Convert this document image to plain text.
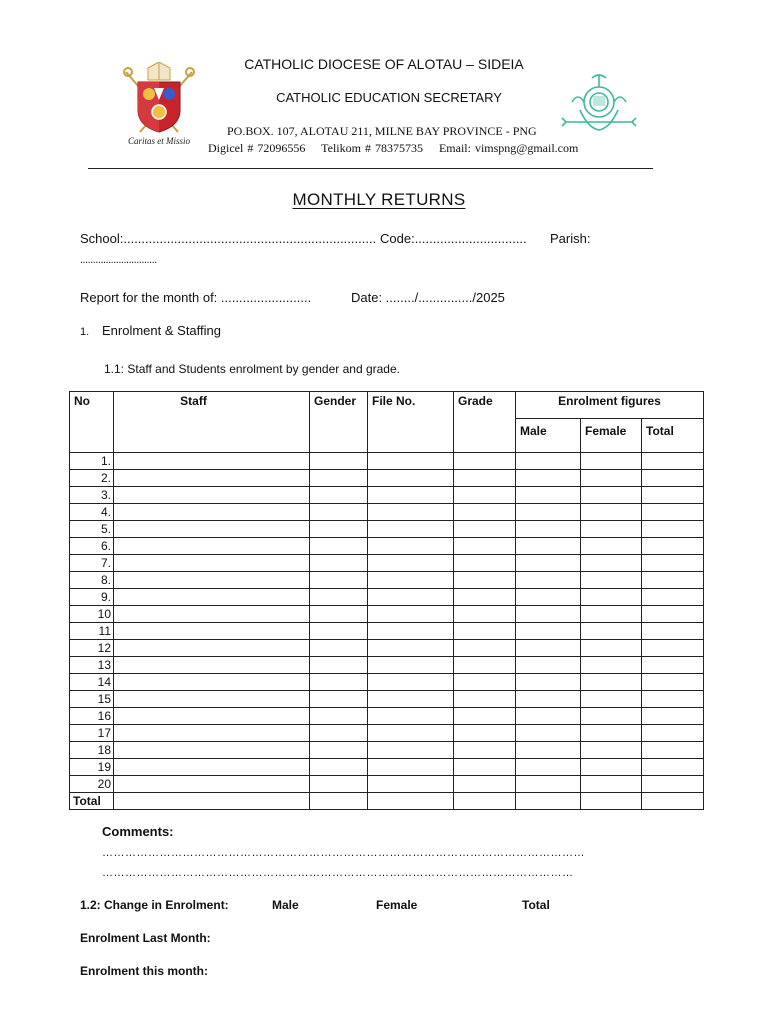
Caritas et Missio
CATHOLIC DIOCESE OF ALOTAU – SIDEIA
CATHOLIC EDUCATION SECRETARY
PO.BOX. 107, ALOTAU 211, MILNE BAY PROVINCE - PNG
Digicel # 72096556 Telikom # 78375735 Email: vimspng@gmail.com
MONTHLY RETURNS
School:...................................................................... Code:............................... Parish:
..............................
Report for the month of: .........................	Date: ......../.............../2025
1. Enrolment & Staffing
1.1: Staff and Students enrolment by gender and grade.
No	Staff	Gender	File No.	Grade	Enrolment figures		
					Male	Female	Total
1.							
2.							
3.							
4.							
5.							
6.							
7.							
8.							
9.							
10							
11							
12							
13							
14							
15							
16							
17							
18							
19							
20							
Total							
Comments:
………………………………………………………………………………………………………………
……………………………………………………………………………………………………………
1.2: Change in Enrolment:	Male	Female	Total
Enrolment Last Month:
Enrolment this month:
